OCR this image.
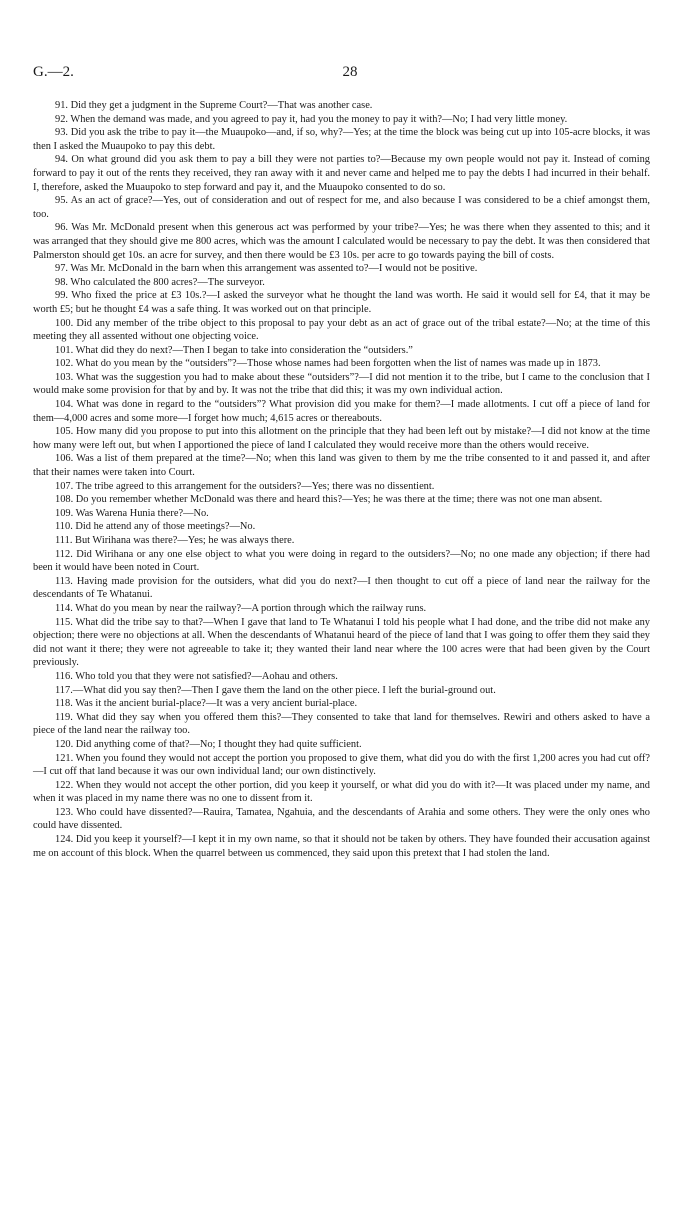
G.—2.	28

91. Did they get a judgment in the Supreme Court?—That was another case.

92. When the demand was made, and you agreed to pay it, had you the money to pay it with?—No; I had very little money.

93. Did you ask the tribe to pay it—the Muaupoko—and, if so, why?—Yes; at the time the block was being cut up into 105-acre blocks, it was then I asked the Muaupoko to pay this debt.

94. On what ground did you ask them to pay a bill they were not parties to?—Because my own people would not pay it. Instead of coming forward to pay it out of the rents they received, they ran away with it and never came and helped me to pay the debts I had incurred in their behalf. I, therefore, asked the Muaupoko to step forward and pay it, and the Muaupoko consented to do so.

95. As an act of grace?—Yes, out of consideration and out of respect for me, and also because I was considered to be a chief amongst them, too.

96. Was Mr. McDonald present when this generous act was performed by your tribe?—Yes; he was there when they assented to this; and it was arranged that they should give me 800 acres, which was the amount I calculated would be necessary to pay the debt. It was then considered that Palmerston should get 10s. an acre for survey, and then there would be £3 10s. per acre to go towards paying the bill of costs.

97. Was Mr. McDonald in the barn when this arrangement was assented to?—I would not be positive.

98. Who calculated the 800 acres?—The surveyor.

99. Who fixed the price at £3 10s.?—I asked the surveyor what he thought the land was worth. He said it would sell for £4, that it may be worth £5; but he thought £4 was a safe thing. It was worked out on that principle.

100. Did any member of the tribe object to this proposal to pay your debt as an act of grace out of the tribal estate?—No; at the time of this meeting they all assented without one objecting voice.

101. What did they do next?—Then I began to take into consideration the “outsiders.”

102. What do you mean by the “outsiders”?—Those whose names had been forgotten when the list of names was made up in 1873.

103. What was the suggestion you had to make about these “outsiders”?—I did not mention it to the tribe, but I came to the conclusion that I would make some provision for that by and by. It was not the tribe that did this; it was my own individual action.

104. What was done in regard to the “outsiders”? What provision did you make for them?—I made allotments. I cut off a piece of land for them—4,000 acres and some more—I forget how much; 4,615 acres or thereabouts.

105. How many did you propose to put into this allotment on the principle that they had been left out by mistake?—I did not know at the time how many were left out, but when I apportioned the piece of land I calculated they would receive more than the others would receive.

106. Was a list of them prepared at the time?—No; when this land was given to them by me the tribe consented to it and passed it, and after that their names were taken into Court.

107. The tribe agreed to this arrangement for the outsiders?—Yes; there was no dissentient.

108. Do you remember whether McDonald was there and heard this?—Yes; he was there at the time; there was not one man absent.

109. Was Warena Hunia there?—No.

110. Did he attend any of those meetings?—No.

111. But Wirihana was there?—Yes; he was always there.

112. Did Wirihana or any one else object to what you were doing in regard to the outsiders?—No; no one made any objection; if there had been it would have been noted in Court.

113. Having made provision for the outsiders, what did you do next?—I then thought to cut off a piece of land near the railway for the descendants of Te Whatanui.

114. What do you mean by near the railway?—A portion through which the railway runs.

115. What did the tribe say to that?—When I gave that land to Te Whatanui I told his people what I had done, and the tribe did not make any objection; there were no objections at all. When the descendants of Whatanui heard of the piece of land that I was going to offer them they said they did not want it there; they were not agreeable to take it; they wanted their land near where the 100 acres were that had been given by the Court previously.

116. Who told you that they were not satisfied?—Aohau and others.

117.—What did you say then?—Then I gave them the land on the other piece. I left the burial-ground out.

118. Was it the ancient burial-place?—It was a very ancient burial-place.

119. What did they say when you offered them this?—They consented to take that land for themselves. Rewiri and others asked to have a piece of the land near the railway too.

120. Did anything come of that?—No; I thought they had quite sufficient.

121. When you found they would not accept the portion you proposed to give them, what did you do with the first 1,200 acres you had cut off?—I cut off that land because it was our own individual land; our own distinctively.

122. When they would not accept the other portion, did you keep it yourself, or what did you do with it?—It was placed under my name, and when it was placed in my name there was no one to dissent from it.

123. Who could have dissented?—Rauira, Tamatea, Ngahuia, and the descendants of Arahia and some others. They were the only ones who could have dissented.

124. Did you keep it yourself?—I kept it in my own name, so that it should not be taken by others. They have founded their accusation against me on account of this block. When the quarrel between us commenced, they said upon this pretext that I had stolen the land.
